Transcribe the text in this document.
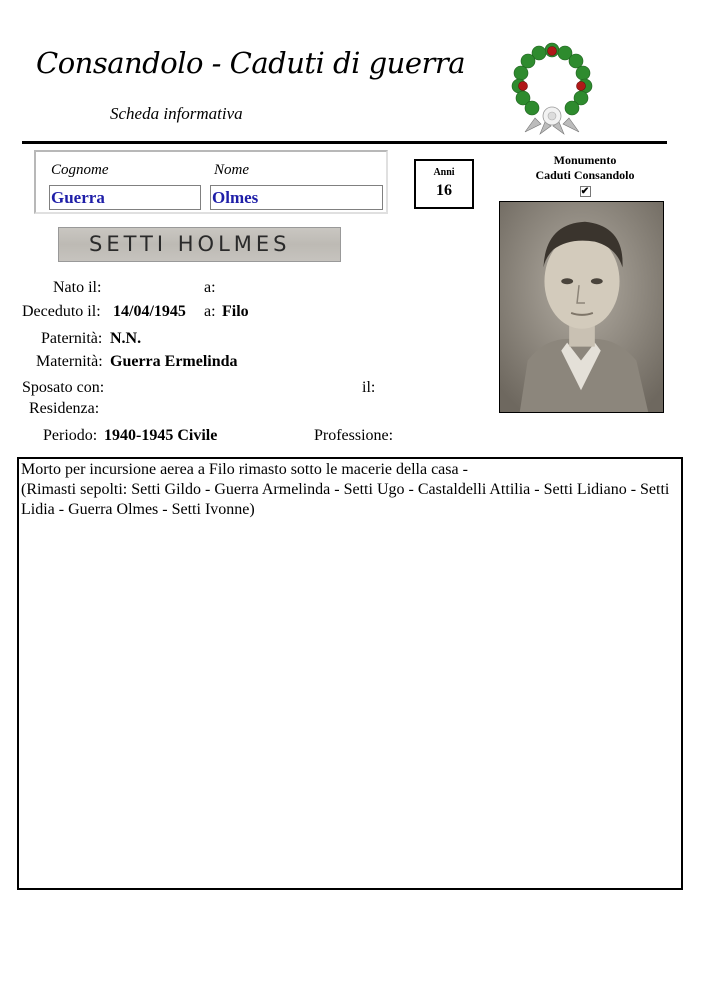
Consandolo - Caduti di guerra
Scheda informativa
Cognome	Nome
Guerra	Olmes
Anni
16
Monumento
Caduti Consandolo
✔
SETTI HOLMES
Nato il:	a:
Deceduto il: 14/04/1945 a: Filo
Paternità: N.N.
Maternità: Guerra Ermelinda
Sposato con:	il:
Residenza:
Periodo: 1940-1945 Civile	Professione:

Morto per incursione aerea a Filo rimasto sotto le macerie della casa -

(Rimasti sepolti: Setti Gildo - Guerra Armelinda - Setti Ugo - Castaldelli Attilia - Setti Lidiano - Setti Lidia - Guerra Olmes - Setti Ivonne)
